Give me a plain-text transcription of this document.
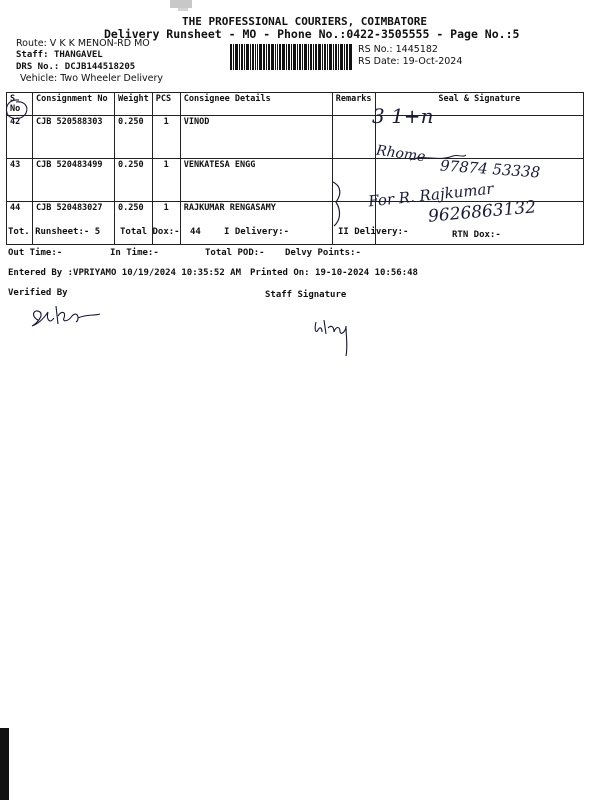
THE PROFESSIONAL COURIERS, COIMBATORE
Delivery Runsheet - MO - Phone No.:0422-3505555 - Page No.:5
Route: V K K MENON-RD MO
Staff: THANGAVEL
DRS No.: DCJB144518205
Vehicle: Two Wheeler Delivery
RS No.: 1445182
RS Date: 19-Oct-2024
S No	Consignment No	Weight	PCS	Consignee Details	Remarks	Seal & Signature
42	CJB 520588303	0.250	1	VINOD		
43	CJB 520483499	0.250	1	VENKATESA ENGG		
44	CJB 520483027	0.250	1	RAJKUMAR RENGASAMY		
3 1+n
Rhome
97874 53338
For R. Rajkumar
9626863132
Tot. Runsheet:- 5 Total Dox:- 44	I Delivery:-	II Delivery:-	RTN Dox:-
Out Time:-	In Time:-	Total POD:- Delvy Points:-
Entered By :VPRIYAMO 10/19/2024 10:35:52 AM Printed On: 19-10-2024 10:56:48
Verified By	Staff Signature
